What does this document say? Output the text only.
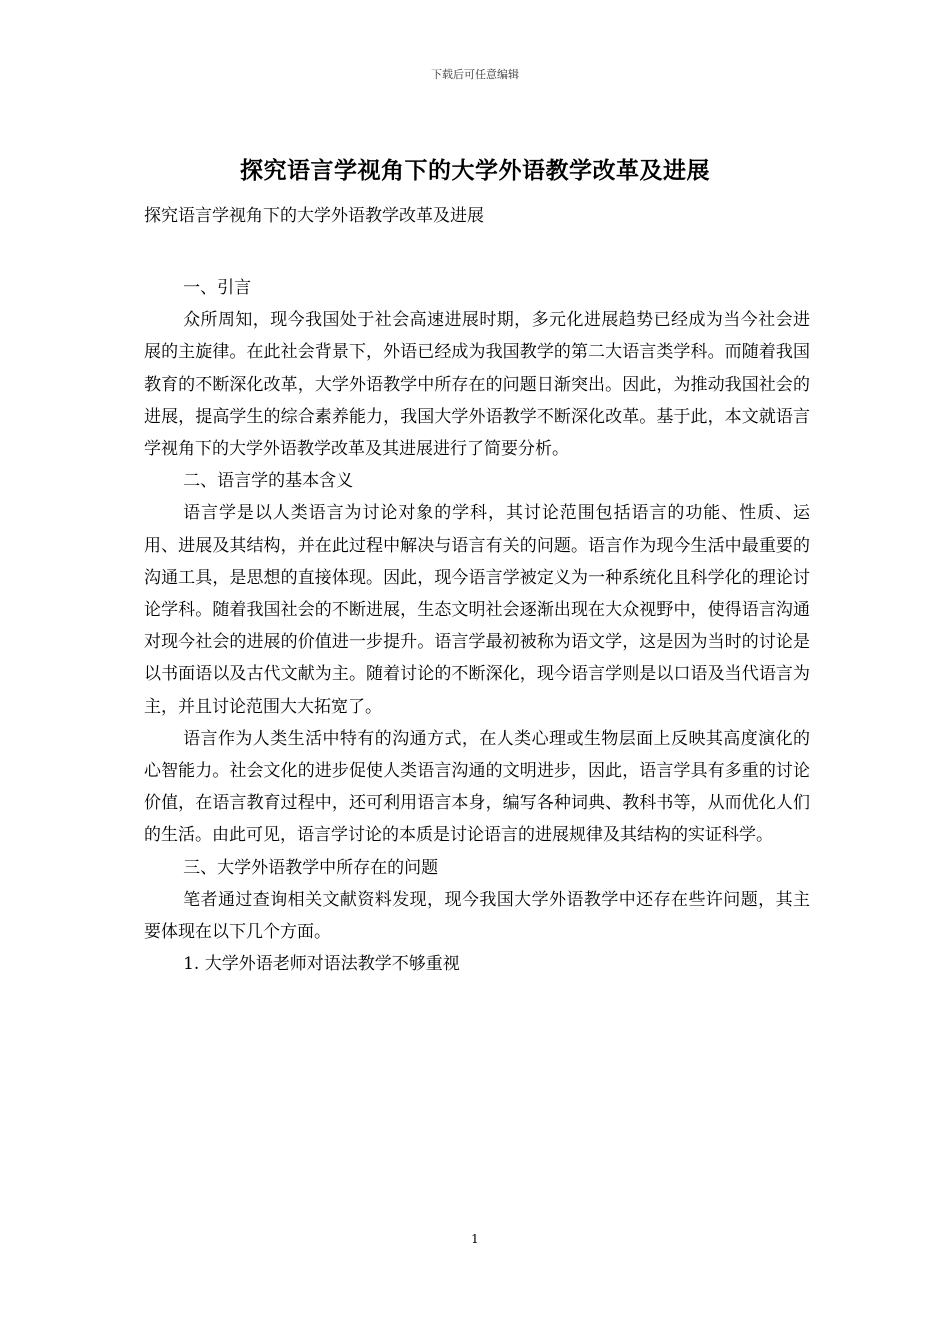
下载后可任意编辑
探究语言学视角下的大学外语教学改革及进展
探究语言学视角下的大学外语教学改革及进展

一、引言

众所周知，现今我国处于社会高速进展时期，多元化进展趋势已经成为当今社会进展的主旋律。在此社会背景下，外语已经成为我国教学的第二大语言类学科。而随着我国教育的不断深化改革，大学外语教学中所存在的问题日渐突出。因此，为推动我国社会的进展，提高学生的综合素养能力，我国大学外语教学不断深化改革。基于此，本文就语言学视角下的大学外语教学改革及其进展进行了简要分析。

二、语言学的基本含义

语言学是以人类语言为讨论对象的学科，其讨论范围包括语言的功能、性质、运用、进展及其结构，并在此过程中解决与语言有关的问题。语言作为现今生活中最重要的沟通工具，是思想的直接体现。因此，现今语言学被定义为一种系统化且科学化的理论讨论学科。随着我国社会的不断进展，生态文明社会逐渐出现在大众视野中，使得语言沟通对现今社会的进展的价值进一步提升。语言学最初被称为语文学，这是因为当时的讨论是以书面语以及古代文献为主。随着讨论的不断深化，现今语言学则是以口语及当代语言为主，并且讨论范围大大拓宽了。

语言作为人类生活中特有的沟通方式，在人类心理或生物层面上反映其高度演化的心智能力。社会文化的进步促使人类语言沟通的文明进步，因此，语言学具有多重的讨论价值，在语言教育过程中，还可利用语言本身，编写各种词典、教科书等，从而优化人们的生活。由此可见，语言学讨论的本质是讨论语言的进展规律及其结构的实证科学。

三、大学外语教学中所存在的问题

笔者通过查询相关文献资料发现，现今我国大学外语教学中还存在些许问题，其主要体现在以下几个方面。

1. 大学外语老师对语法教学不够重视

1
